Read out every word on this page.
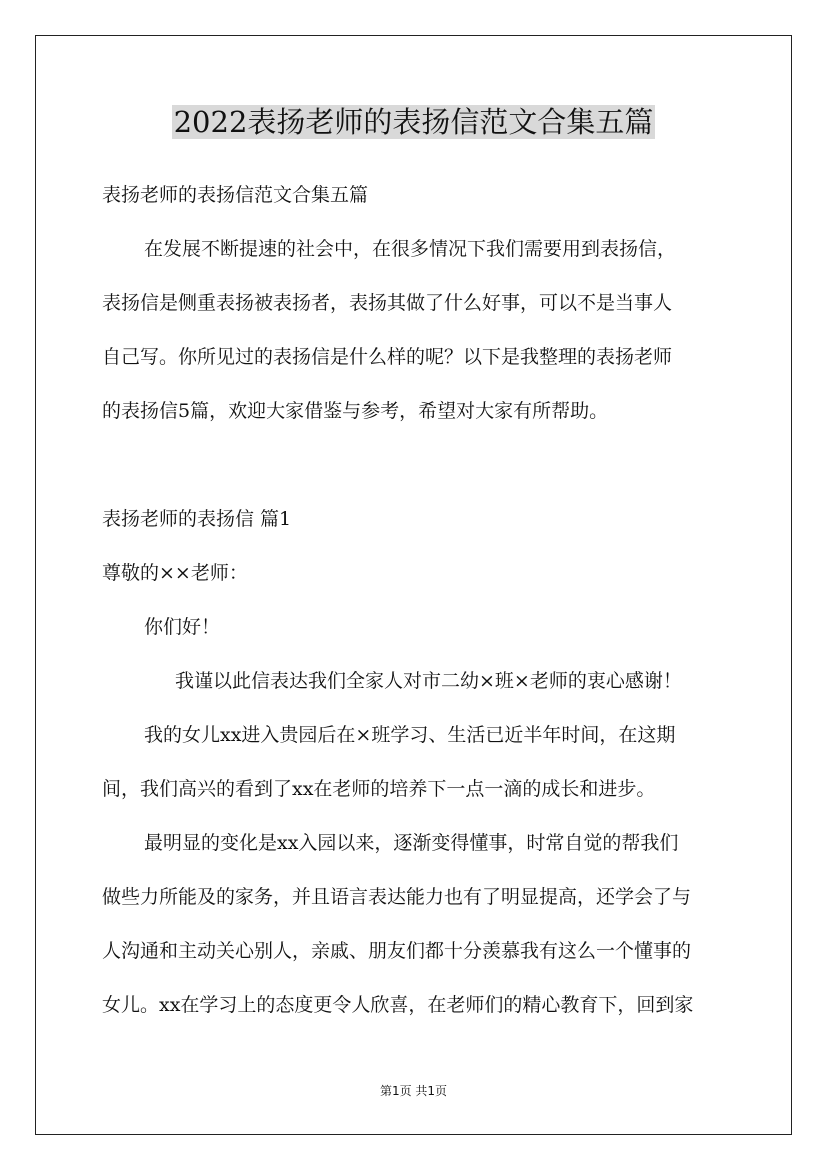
2022表扬老师的表扬信范文合集五篇
表扬老师的表扬信范文合集五篇
在发展不断提速的社会中，在很多情况下我们需要用到表扬信，
表扬信是侧重表扬被表扬者，表扬其做了什么好事，可以不是当事人
自己写。你所见过的表扬信是什么样的呢？以下是我整理的表扬老师
的表扬信5篇，欢迎大家借鉴与参考，希望对大家有所帮助。
表扬老师的表扬信 篇1
尊敬的××老师：
你们好！
我谨以此信表达我们全家人对市二幼×班×老师的衷心感谢！
我的女儿xx进入贵园后在×班学习、生活已近半年时间，在这期
间，我们高兴的看到了xx在老师的培养下一点一滴的成长和进步。
最明显的变化是xx入园以来，逐渐变得懂事，时常自觉的帮我们
做些力所能及的家务，并且语言表达能力也有了明显提高，还学会了与
人沟通和主动关心别人，亲戚、朋友们都十分羡慕我有这么一个懂事的
女儿。xx在学习上的态度更令人欣喜，在老师们的精心教育下，回到家
第1页 共1页
